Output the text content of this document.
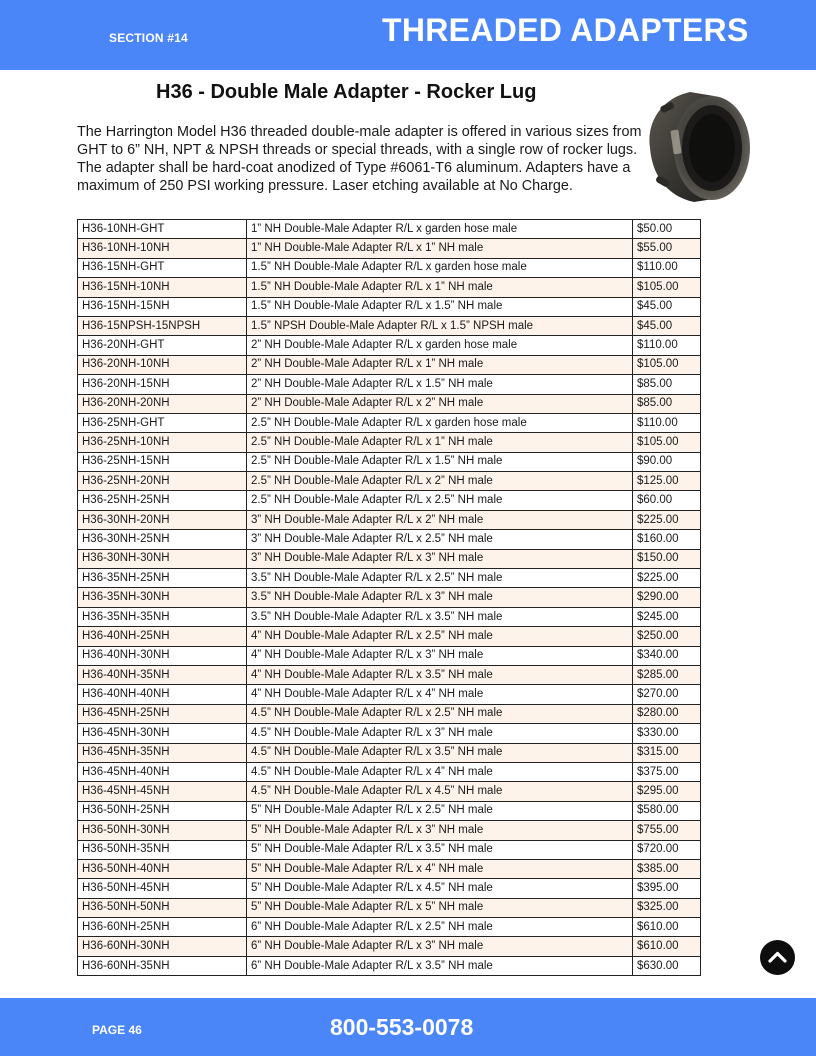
SECTION #14	THREADED ADAPTERS
H36 - Double Male Adapter - Rocker Lug
The Harrington Model H36 threaded double-male adapter is offered in various sizes from GHT to 6” NH, NPT & NPSH threads or special threads, with a single row of rocker lugs. The adapter shall be hard-coat anodized of Type #6061-T6 aluminum. Adapters have a maximum of 250 PSI working pressure. Laser etching available at No Charge.
H36-10NH-GHT	1” NH Double-Male Adapter R/L x garden hose male	$50.00
H36-10NH-10NH	1” NH Double-Male Adapter R/L x 1” NH male	$55.00
H36-15NH-GHT	1.5” NH Double-Male Adapter R/L x garden hose male	$110.00
H36-15NH-10NH	1.5” NH Double-Male Adapter R/L x 1” NH male	$105.00
H36-15NH-15NH	1.5” NH Double-Male Adapter R/L x 1.5” NH male	$45.00
H36-15NPSH-15NPSH	1.5” NPSH Double-Male Adapter R/L x 1.5” NPSH male	$45.00
H36-20NH-GHT	2” NH Double-Male Adapter R/L x garden hose male	$110.00
H36-20NH-10NH	2” NH Double-Male Adapter R/L x 1” NH male	$105.00
H36-20NH-15NH	2” NH Double-Male Adapter R/L x 1.5” NH male	$85.00
H36-20NH-20NH	2” NH Double-Male Adapter R/L x 2” NH male	$85.00
H36-25NH-GHT	2.5” NH Double-Male Adapter R/L x garden hose male	$110.00
H36-25NH-10NH	2.5” NH Double-Male Adapter R/L x 1” NH male	$105.00
H36-25NH-15NH	2.5” NH Double-Male Adapter R/L x 1.5” NH male	$90.00
H36-25NH-20NH	2.5” NH Double-Male Adapter R/L x 2” NH male	$125.00
H36-25NH-25NH	2.5” NH Double-Male Adapter R/L x 2.5” NH male	$60.00
H36-30NH-20NH	3” NH Double-Male Adapter R/L x 2” NH male	$225.00
H36-30NH-25NH	3” NH Double-Male Adapter R/L x 2.5” NH male	$160.00
H36-30NH-30NH	3” NH Double-Male Adapter R/L x 3” NH male	$150.00
H36-35NH-25NH	3.5” NH Double-Male Adapter R/L x 2.5” NH male	$225.00
H36-35NH-30NH	3.5” NH Double-Male Adapter R/L x 3” NH male	$290.00
H36-35NH-35NH	3.5” NH Double-Male Adapter R/L x 3.5” NH male	$245.00
H36-40NH-25NH	4” NH Double-Male Adapter R/L x 2.5” NH male	$250.00
H36-40NH-30NH	4” NH Double-Male Adapter R/L x 3” NH male	$340.00
H36-40NH-35NH	4” NH Double-Male Adapter R/L x 3.5” NH male	$285.00
H36-40NH-40NH	4” NH Double-Male Adapter R/L x 4” NH male	$270.00
H36-45NH-25NH	4.5” NH Double-Male Adapter R/L x 2.5” NH male	$280.00
H36-45NH-30NH	4.5” NH Double-Male Adapter R/L x 3” NH male	$330.00
H36-45NH-35NH	4.5” NH Double-Male Adapter R/L x 3.5” NH male	$315.00
H36-45NH-40NH	4.5” NH Double-Male Adapter R/L x 4” NH male	$375.00
H36-45NH-45NH	4.5” NH Double-Male Adapter R/L x 4.5” NH male	$295.00
H36-50NH-25NH	5” NH Double-Male Adapter R/L x 2.5” NH male	$580.00
H36-50NH-30NH	5” NH Double-Male Adapter R/L x 3” NH male	$755.00
H36-50NH-35NH	5” NH Double-Male Adapter R/L x 3.5” NH male	$720.00
H36-50NH-40NH	5” NH Double-Male Adapter R/L x 4” NH male	$385.00
H36-50NH-45NH	5” NH Double-Male Adapter R/L x 4.5” NH male	$395.00
H36-50NH-50NH	5” NH Double-Male Adapter R/L x 5” NH male	$325.00
H36-60NH-25NH	6” NH Double-Male Adapter R/L x 2.5” NH male	$610.00
H36-60NH-30NH	6” NH Double-Male Adapter R/L x 3” NH male	$610.00
H36-60NH-35NH	6” NH Double-Male Adapter R/L x 3.5” NH male	$630.00
PAGE 46	800-553-0078
